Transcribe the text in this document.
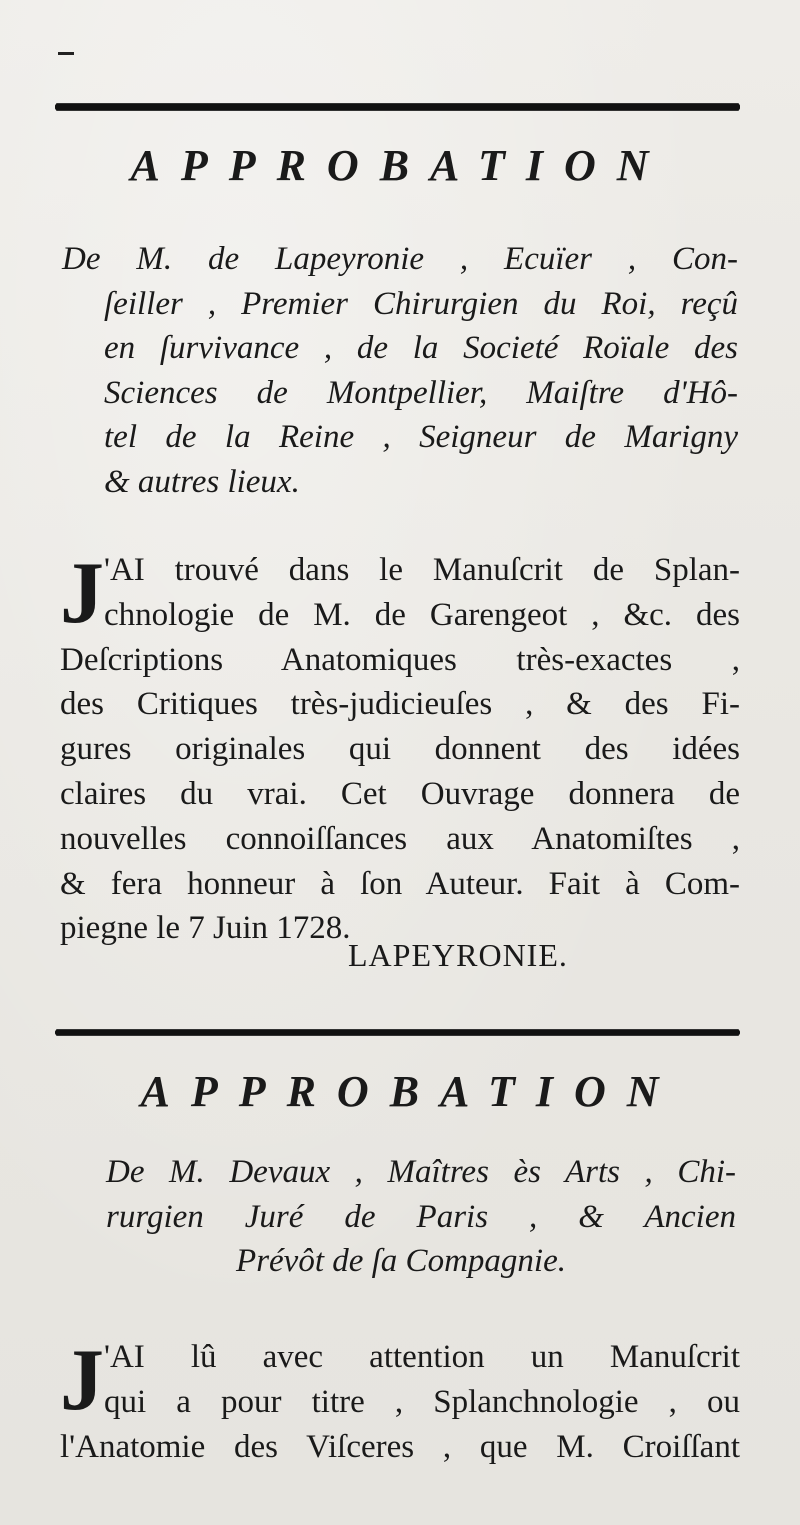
APPROBATION
De M. de Lapeyronie , Ecuïer , Con-
ſeiller , Premier Chirurgien du Roi, reçû
en ſurvivance , de la Societé Roïale des
Sciences de Montpellier, Maiſtre d'Hô-
tel de la Reine , Seigneur de Marigny
& autres lieux.
J 'AI trouvé dans le Manuſcrit de Splan-
chnologie de M. de Garengeot , &c. des
Deſcriptions Anatomiques très-exactes ,
des Critiques très-judicieuſes , & des Fi-
gures originales qui donnent des idées
claires du vrai. Cet Ouvrage donnera de
nouvelles connoiſſances aux Anatomiſtes ,
& fera honneur à ſon Auteur. Fait à Com-
piegne le 7 Juin 1728.
LAPEYRONIE.
APPROBATION
De M. Devaux , Maîtres ès Arts , Chi-
rurgien Juré de Paris , & Ancien
Prévôt de ſa Compagnie.
J 'AI lû avec attention un Manuſcrit
qui a pour titre , Splanchnologie , ou
l'Anatomie des Viſceres , que M. Croiſſant
